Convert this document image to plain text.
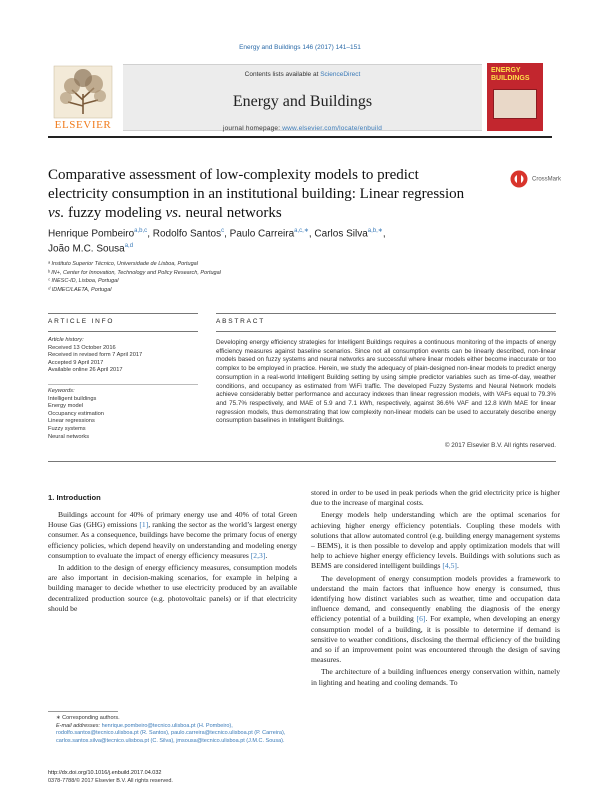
Energy and Buildings 146 (2017) 141–151
ELSEVIER
Contents lists available at ScienceDirect
Energy and Buildings
journal homepage: www.elsevier.com/locate/enbuild
ENERGY BUILDINGS
Comparative assessment of low-complexity models to predict
electricity consumption in an institutional building: Linear regression
vs. fuzzy modeling vs. neural networks
CrossMark
Henrique Pombeiro$^{a,b,c}$, Rodolfo Santos$^c$, Paulo Carreira$^{a,c,∗}$, Carlos Silva$^{a,b,∗}$,
João M.C. Sousa$^{a,d}$
ᵃ Instituto Superior Técnico, Universidade de Lisboa, Portugal
ᵇ IN+, Center for Innovation, Technology and Policy Research, Portugal
ᶜ INESC-ID, Lisboa, Portugal
ᵈ IDMEC/LAETA, Portugal
ARTICLE INFO
Article history:
Received 13 October 2016
Received in revised form 7 April 2017
Accepted 9 April 2017
Available online 26 April 2017
Keywords:
Intelligent buildings
Energy model
Occupancy estimation
Linear regressions
Fuzzy systems
Neural networks
ABSTRACT
Developing energy efficiency strategies for Intelligent Buildings requires a continuous monitoring of the impacts of energy efficiency measures against baseline scenarios. Since not all consumption events can be linearly described, non-linear models based on fuzzy systems and neural networks are successful where linear models either become inaccurate or too complex to be employed in practice. Herein, we study the adequacy of plain-designed non-linear models to predict energy consumption in a real-world Intelligent Building setting by using simple predictor variables such as time-of-day, weather conditions, and occupancy as estimated from WiFi traffic. The developed Fuzzy Systems and Neural Network models achieve considerably better performance and accuracy indexes than linear regression models, with VAFs equal to 79.3% and 75.7% respectively, and MAE of 5.9 and 7.1 kWh, respectively, against 36.6% VAF and 12.8 kWh MAE for linear regression models, thus demonstrating that low complexity non-linear models can be used to accurately describe energy consumption baselines in Intelligent Buildings.
© 2017 Elsevier B.V. All rights reserved.
1. Introduction

Buildings account for 40% of primary energy use and 40% of total Green House Gas (GHG) emissions [1], ranking the sector as the world’s largest energy consumer. As a consequence, buildings have become the primary focus of energy efficiency policies, which depend heavily on understanding and modeling energy consumption to evaluate the impact of energy efficiency measures [2,3].

In addition to the design of energy efficiency measures, consumption models are also important in decision-making scenarios, for example in helping a building manager to decide whether to use electricity produced by an available decentralized production source (e.g. photovoltaic panels) or if that electricity should be

∗ Corresponding authors.
E-mail addresses: henrique.pombeiro@tecnico.ulisboa.pt (H. Pombeiro), rodolfo.santos@tecnico.ulisboa.pt (R. Santos), paulo.carreira@tecnico.ulisboa.pt (P. Carreira), carlos.santos.silva@tecnico.ulisboa.pt (C. Silva), jmsousa@tecnico.ulisboa.pt (J.M.C. Sousa).
http://dx.doi.org/10.1016/j.enbuild.2017.04.032
0378-7788/© 2017 Elsevier B.V. All rights reserved.

stored in order to be used in peak periods when the grid electricity price is higher due to the increase of marginal costs.

Energy models help understanding which are the optimal scenarios for achieving higher energy efficiency potentials. Coupling these models with solutions that allow automated control (e.g. building energy management systems – BEMS), it is then possible to develop and apply optimization models that will help to achieve higher energy efficiency levels. Buildings with solutions such as BEMS are considered intelligent buildings [4,5].

The development of energy consumption models provides a framework to understand the main factors that influence how energy is consumed, thus identifying how distinct variables such as weather, time and occupation data influence demand, and consequently enabling the diagnosis of the energy efficiency potential of a building [6]. For example, when developing an energy consumption model of a building, it is possible to determine if demand is sensitive to weather conditions, disclosing the thermal efficiency of the building and so if an improvement point was encountered through the design of saving measures.

The architecture of a building influences energy conservation within, namely in lighting and heating and cooling demands. To
